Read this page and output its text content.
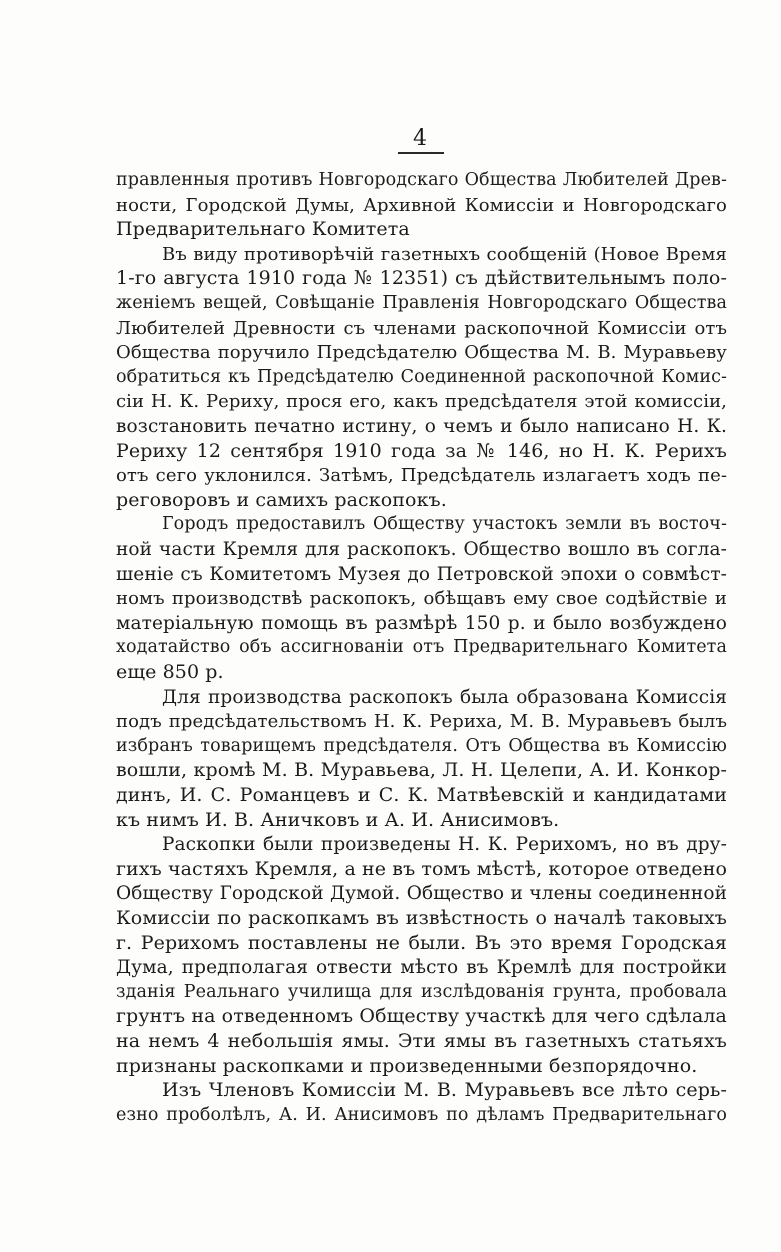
4
правленныя противъ Новгородскаго Общества Любителей Древ-
ности, Городской Думы, Архивной Комиссіи и Новгородскаго
Предварительнаго Комитета
Въ виду противорѣчій газетныхъ сообщеній (Новое Время
1-го августа 1910 года № 12351) съ дѣйствительнымъ поло-
женіемъ вещей, Совѣщаніе Правленія Новгородскаго Общества
Любителей Древности съ членами раскопочной Комиссіи отъ
Общества поручило Предсѣдателю Общества М. В. Муравьеву
обратиться къ Предсѣдателю Соединенной раскопочной Комис-
сіи Н. К. Рериху, прося его, какъ предсѣдателя этой комиссіи,
возстановить печатно истину, о чемъ и было написано Н. К.
Рериху 12 сентября 1910 года за № 146, но Н. К. Рерихъ
отъ сего уклонился. Затѣмъ, Предсѣдатель излагаетъ ходъ пе-
реговоровъ и самихъ раскопокъ.
Городъ предоставилъ Обществу участокъ земли въ восточ-
ной части Кремля для раскопокъ. Общество вошло въ согла-
шеніе съ Комитетомъ Музея до Петровской эпохи о совмѣст-
номъ производствѣ раскопокъ, обѣщавъ ему свое содѣйствіе и
матеріальную помощь въ размѣрѣ 150 р. и было возбуждено
ходатайство объ ассигнованіи отъ Предварительнаго Комитета
еще 850 р.
Для производства раскопокъ была образована Комиссія
подъ предсѣдательствомъ Н. К. Рериха, М. В. Муравьевъ былъ
избранъ товарищемъ предсѣдателя. Отъ Общества въ Комиссію
вошли, кромѣ М. В. Муравьева, Л. Н. Целепи, А. И. Конкор-
динъ, И. С. Романцевъ и С. К. Матвѣевскій и кандидатами
къ нимъ И. В. Аничковъ и А. И. Анисимовъ.
Раскопки были произведены Н. К. Рерихомъ, но въ дру-
гихъ частяхъ Кремля, а не въ томъ мѣстѣ, которое отведено
Обществу Городской Думой. Общество и члены соединенной
Комиссіи по раскопкамъ въ извѣстность о началѣ таковыхъ
г. Рерихомъ поставлены не были. Въ это время Городская
Дума, предполагая отвести мѣсто въ Кремлѣ для постройки
зданія Реальнаго училища для изслѣдованія грунта, пробовала
грунтъ на отведенномъ Обществу участкѣ для чего сдѣлала
на немъ 4 небольшія ямы. Эти ямы въ газетныхъ статьяхъ
признаны раскопками и произведенными безпорядочно.
Изъ Членовъ Комиссіи М. В. Муравьевъ все лѣто серь-
езно проболѣлъ, А. И. Анисимовъ по дѣламъ Предварительнаго
